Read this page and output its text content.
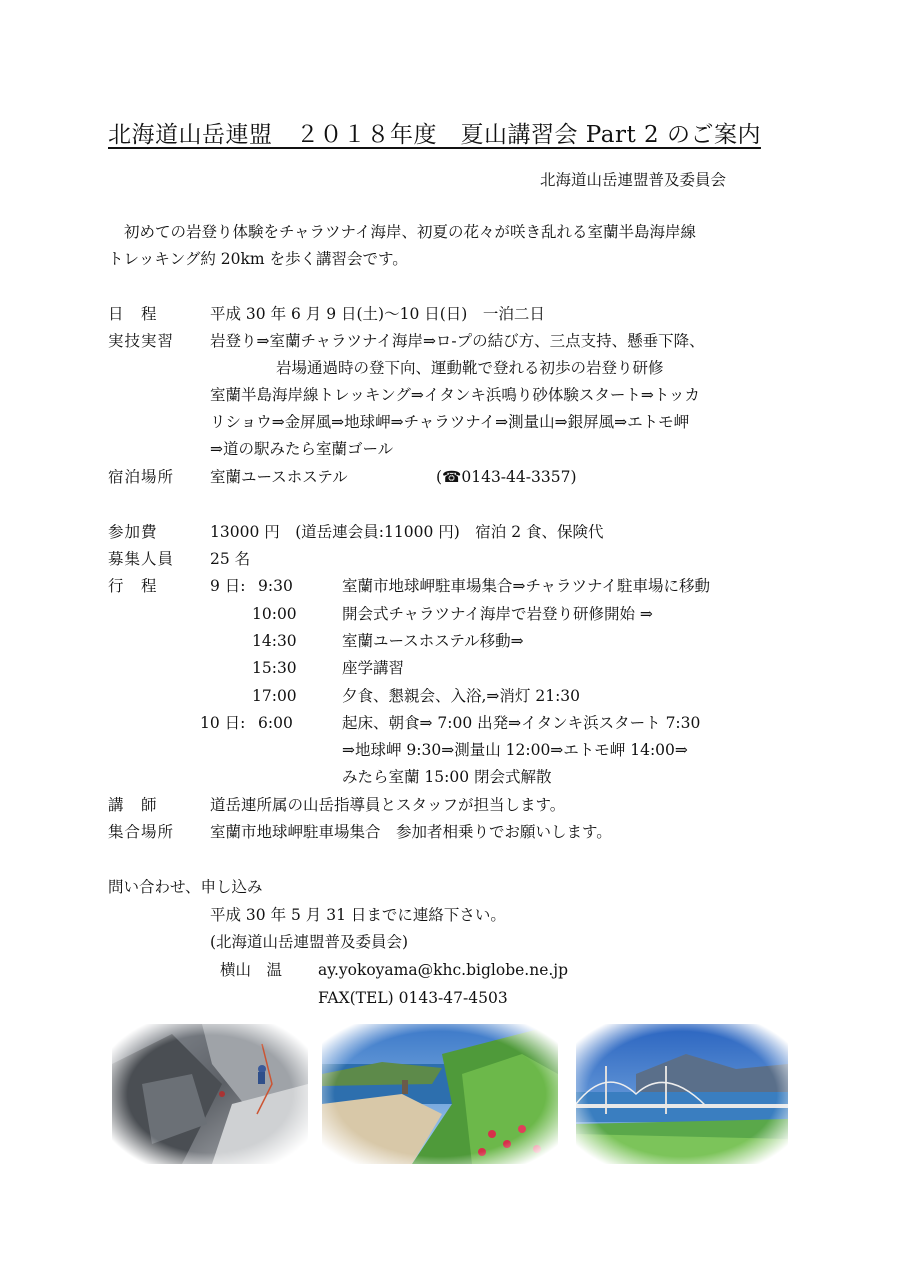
北海道山岳連盟　２０１８年度　夏山講習会 Part 2 のご案内
北海道山岳連盟普及委員会
初めての岩登り体験をチャラツナイ海岸、初夏の花々が咲き乱れる室蘭半島海岸線
トレッキング約 20km を歩く講習会です。
日　程	平成 30 年 6 月 9 日(土)～10 日(日)　一泊二日
実技実習 岩登り⇒室蘭チャラツナイ海岸⇒ロ‐プの結び方、三点支持、懸垂下降、
岩場通過時の登下向、運動靴で登れる初歩の岩登り研修
室蘭半島海岸線トレッキング⇒イタンキ浜鳴り砂体験スタート⇒トッカ
リショウ⇒金屏風⇒地球岬⇒チャラツナイ⇒測量山⇒銀屏風⇒エトモ岬
⇒道の駅みたら室蘭ゴール
宿泊場所 室蘭ユースホステル	(☎0143-44-3357)
参加費	13000 円　(道岳連会員:11000 円)　宿泊 2 食、保険代
募集人員 25 名
行　程	9 日: 9:30	室蘭市地球岬駐車場集合⇒チャラツナイ駐車場に移動
10:00	開会式チャラツナイ海岸で岩登り研修開始 ⇒
14:30	室蘭ユースホステル移動⇒
15:30	座学講習
17:00	夕食、懇親会、入浴,⇒消灯 21:30
10 日: 6:00	起床、朝食⇒ 7:00 出発⇒イタンキ浜スタート 7:30
⇒地球岬 9:30⇒測量山 12:00⇒エトモ岬 14:00⇒
みたら室蘭 15:00 閉会式解散
講　師	道岳連所属の山岳指導員とスタッフが担当します。
集合場所 室蘭市地球岬駐車場集合　参加者相乗りでお願いします。
問い合わせ、申し込み
平成 30 年 5 月 31 日までに連絡下さい。
(北海道山岳連盟普及委員会)
横山　温 ay.yokoyama@khc.biglobe.ne.jp
FAX(TEL) 0143-47-4503
